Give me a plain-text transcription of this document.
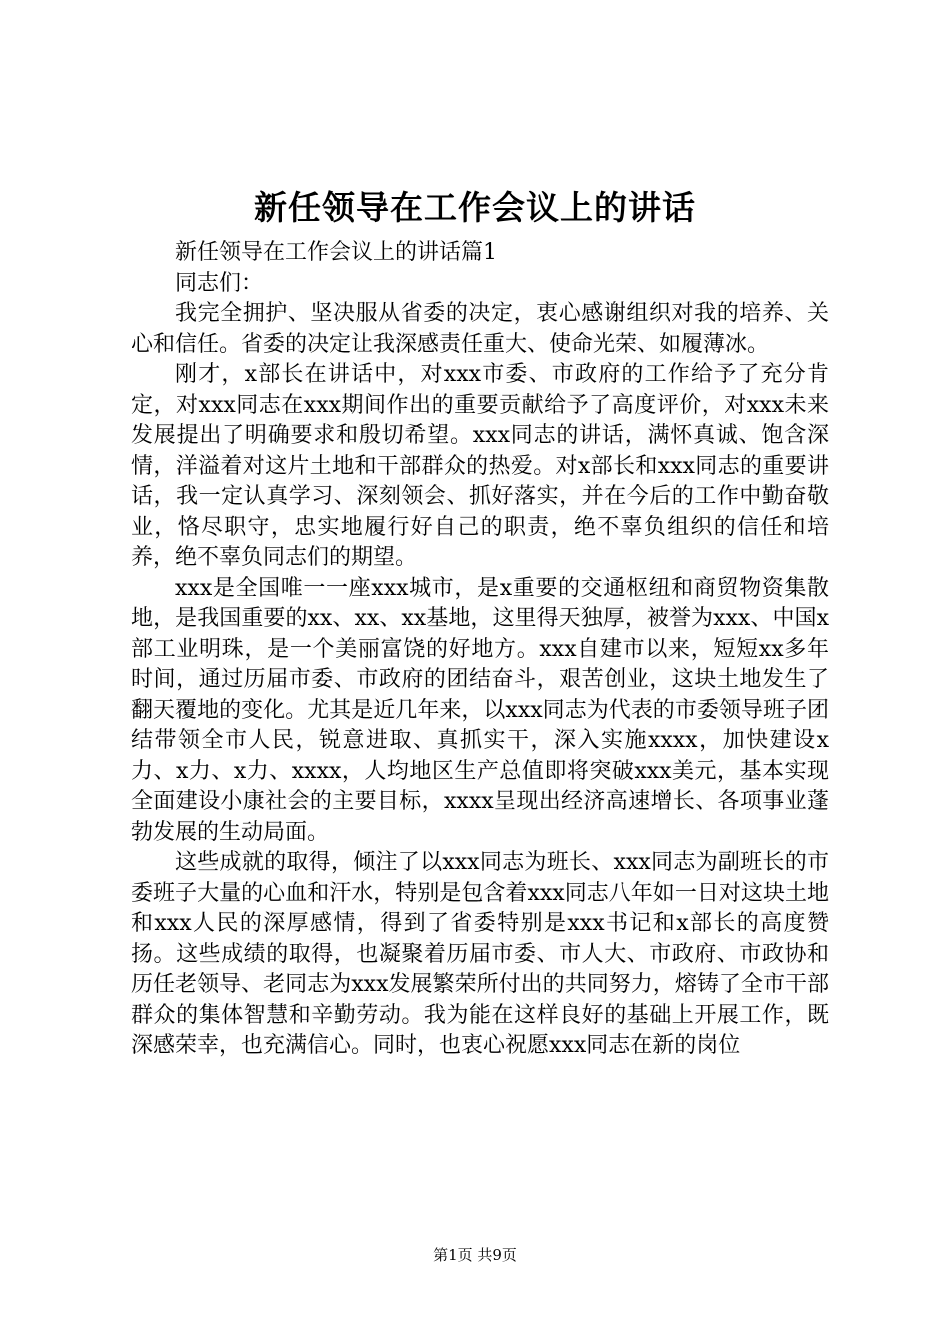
新任领导在工作会议上的讲话

新任领导在工作会议上的讲话篇1

同志们：

我完全拥护、坚决服从省委的决定，衷心感谢组织对我的培养、关心和信任。省委的决定让我深感责任重大、使命光荣、如履薄冰。

刚才，x部长在讲话中，对xxx市委、市政府的工作给予了充分肯定，对xxx同志在xxx期间作出的重要贡献给予了高度评价，对xxx未来发展提出了明确要求和殷切希望。xxx同志的讲话，满怀真诚、饱含深情，洋溢着对这片土地和干部群众的热爱。对x部长和xxx同志的重要讲话，我一定认真学习、深刻领会、抓好落实，并在今后的工作中勤奋敬业，恪尽职守，忠实地履行好自己的职责，绝不辜负组织的信任和培养，绝不辜负同志们的期望。

xxx是全国唯一一座xxx城市，是x重要的交通枢纽和商贸物资集散地，是我国重要的xx、xx、xx基地，这里得天独厚，被誉为xxx、中国x部工业明珠，是一个美丽富饶的好地方。xxx自建市以来，短短xx多年时间，通过历届市委、市政府的团结奋斗，艰苦创业，这块土地发生了翻天覆地的变化。尤其是近几年来，以xxx同志为代表的市委领导班子团结带领全市人民，锐意进取、真抓实干，深入实施xxxx，加快建设x力、x力、x力、xxxx，人均地区生产总值即将突破xxx美元，基本实现全面建设小康社会的主要目标，xxxx呈现出经济高速增长、各项事业蓬勃发展的生动局面。

这些成就的取得，倾注了以xxx同志为班长、xxx同志为副班长的市委班子大量的心血和汗水，特别是包含着xxx同志八年如一日对这块土地和xxx人民的深厚感情，得到了省委特别是xxx书记和x部长的高度赞扬。这些成绩的取得，也凝聚着历届市委、市人大、市政府、市政协和历任老领导、老同志为xxx发展繁荣所付出的共同努力，熔铸了全市干部群众的集体智慧和辛勤劳动。我为能在这样良好的基础上开展工作，既深感荣幸，也充满信心。同时，也衷心祝愿xxx同志在新的岗位

第1页 共9页
